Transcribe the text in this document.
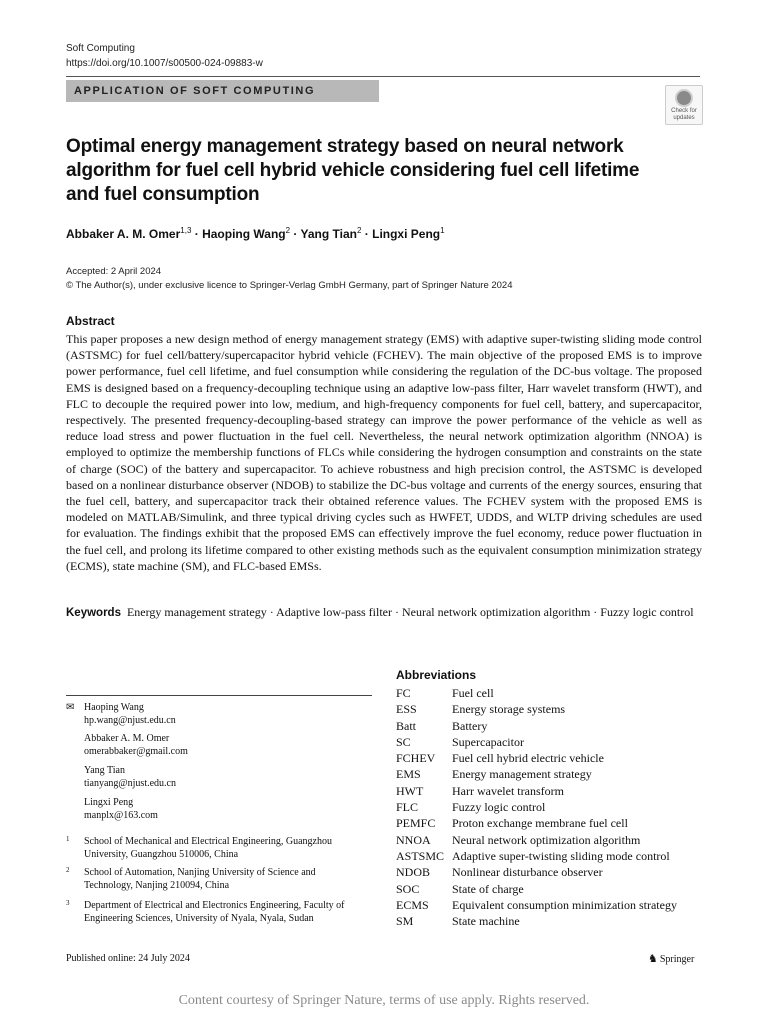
Soft Computing
https://doi.org/10.1007/s00500-024-09883-w
APPLICATION OF SOFT COMPUTING
Check for
updates
Optimal energy management strategy based on neural network algorithm for fuel cell hybrid vehicle considering fuel cell lifetime and fuel consumption
Abbaker A. M. Omer$^{1,3}$ · Haoping Wang$^2$ · Yang Tian$^2$ · Lingxi Peng$^1$
Accepted: 2 April 2024
© The Author(s), under exclusive licence to Springer-Verlag GmbH Germany, part of Springer Nature 2024
Abstract
This paper proposes a new design method of energy management strategy (EMS) with adaptive super-twisting sliding mode control (ASTSMC) for fuel cell/battery/supercapacitor hybrid vehicle (FCHEV). The main objective of the proposed EMS is to improve power performance, fuel cell lifetime, and fuel consumption while considering the regulation of the DC-bus voltage. The proposed EMS is designed based on a frequency-decoupling technique using an adaptive low-pass filter, Harr wavelet transform (HWT), and FLC to decouple the required power into low, medium, and high-frequency components for fuel cell, battery, and supercapacitor, respectively. The presented frequency-decoupling-based strategy can improve the power performance of the vehicle as well as reduce load stress and power fluctuation in the fuel cell. Nevertheless, the neural network optimization algorithm (NNOA) is employed to optimize the membership functions of FLCs while considering the hydrogen consumption and constraints on the state of charge (SOC) of the battery and supercapacitor. To achieve robustness and high precision control, the ASTSMC is developed based on a nonlinear disturbance observer (NDOB) to stabilize the DC-bus voltage and currents of the energy sources, ensuring that the fuel cell, battery, and supercapacitor track their obtained reference values. The FCHEV system with the proposed EMS is modeled on MATLAB/Simulink, and three typical driving cycles such as HWFET, UDDS, and WLTP driving schedules are used for evaluation. The findings exhibit that the proposed EMS can effectively improve the fuel economy, reduce power fluctuation in the fuel cell, and prolong its lifetime compared to other existing methods such as the equivalent consumption minimization strategy (ECMS), state machine (SM), and FLC-based EMSs.
Keywords Energy management strategy · Adaptive low-pass filter · Neural network optimization algorithm · Fuzzy logic control
✉ Haoping Wang
hp.wang@njust.edu.cn
Abbaker A. M. Omer
omerabbaker@gmail.com
Yang Tian
tianyang@njust.edu.cn
Lingxi Peng
manplx@163.com
1 School of Mechanical and Electrical Engineering, Guangzhou University, Guangzhou 510006, China
2 School of Automation, Nanjing University of Science and Technology, Nanjing 210094, China
3 Department of Electrical and Electronics Engineering, Faculty of Engineering Sciences, University of Nyala, Nyala, Sudan
Abbreviations
FC	Fuel cell
ESS	Energy storage systems
Batt	Battery
SC	Supercapacitor
FCHEV Fuel cell hybrid electric vehicle
EMS	Energy management strategy
HWT Harr wavelet transform
FLC	Fuzzy logic control
PEMFC Proton exchange membrane fuel cell
NNOA Neural network optimization algorithm
ASTSMC Adaptive super-twisting sliding mode control
NDOB Nonlinear disturbance observer
SOC	State of charge
ECMS Equivalent consumption minimization strategy
SM	State machine
Published online: 24 July 2024	♞ Springer
Content courtesy of Springer Nature, terms of use apply. Rights reserved.
